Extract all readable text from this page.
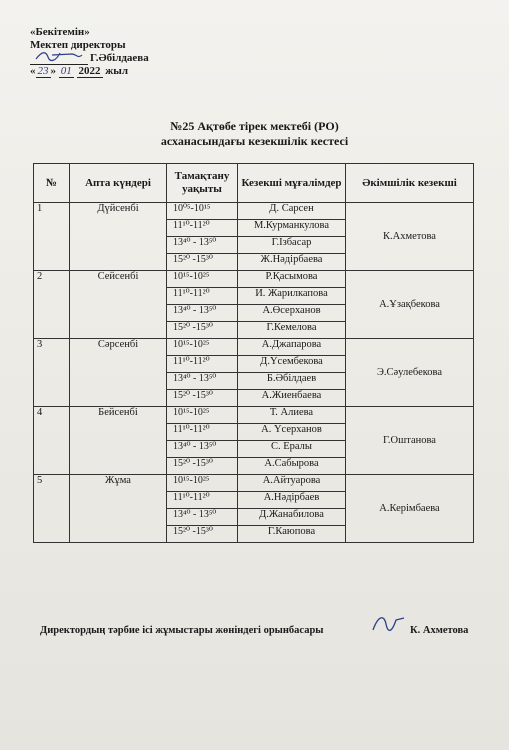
«Бекітемін»
Мектеп директоры
Г.Әбілдаева
« 23 » 01 2022 жыл
№25 Ақтөбе тірек мектебі (РО)
асханасындағы кезекшілік кестесі
№	Апта күндері	Тамақтану уақыты	Кезекші мұғалімдер	Әкімшілік кезекші
1	Дүйсенбі	10⁰⁵-10¹⁵	Д. Сарсен	К.Ахметова
		11¹⁰-11²⁰	М.Курманкулова	
		13⁴⁰ - 13⁵⁰	Г.Ізбасар	
		15²⁰ -15³⁰	Ж.Нәдірбаева	
2	Сейсенбі	10¹⁵-10²⁵	Р.Қасымова	А.Ұзақбекова
		11¹⁰-11²⁰	И. Жарилкапова	
		13⁴⁰ - 13⁵⁰	А.Өсерханов	
		15²⁰ -15³⁰	Г.Кемелова	
3	Сәрсенбі	10¹⁵-10²⁵	А.Джапарова	Э.Сәулебекова
		11¹⁰-11²⁰	Д.Үсембекова	
		13⁴⁰ - 13⁵⁰	Б.Әбілдаев	
		15²⁰ -15³⁰	А.Жиенбаева	
4	Бейсенбі	10¹⁵-10²⁵	Т. Алиева	Г.Оштанова
		11¹⁰-11²⁰	А. Үсерханов	
		13⁴⁰ - 13⁵⁰	С. Ералы	
		15²⁰ -15³⁰	А.Сабырова	
5	Жұма	10¹⁵-10²⁵	А.Айтуарова	А.Керімбаева
		11¹⁰-11²⁰	А.Нәдірбаев	
		13⁴⁰ - 13⁵⁰	Д.Жанабилова	
		15²⁰ -15³⁰	Г.Каюпова	
Директордың тәрбие ісі жұмыстары жөніндегі орынбасары	К. Ахметова
